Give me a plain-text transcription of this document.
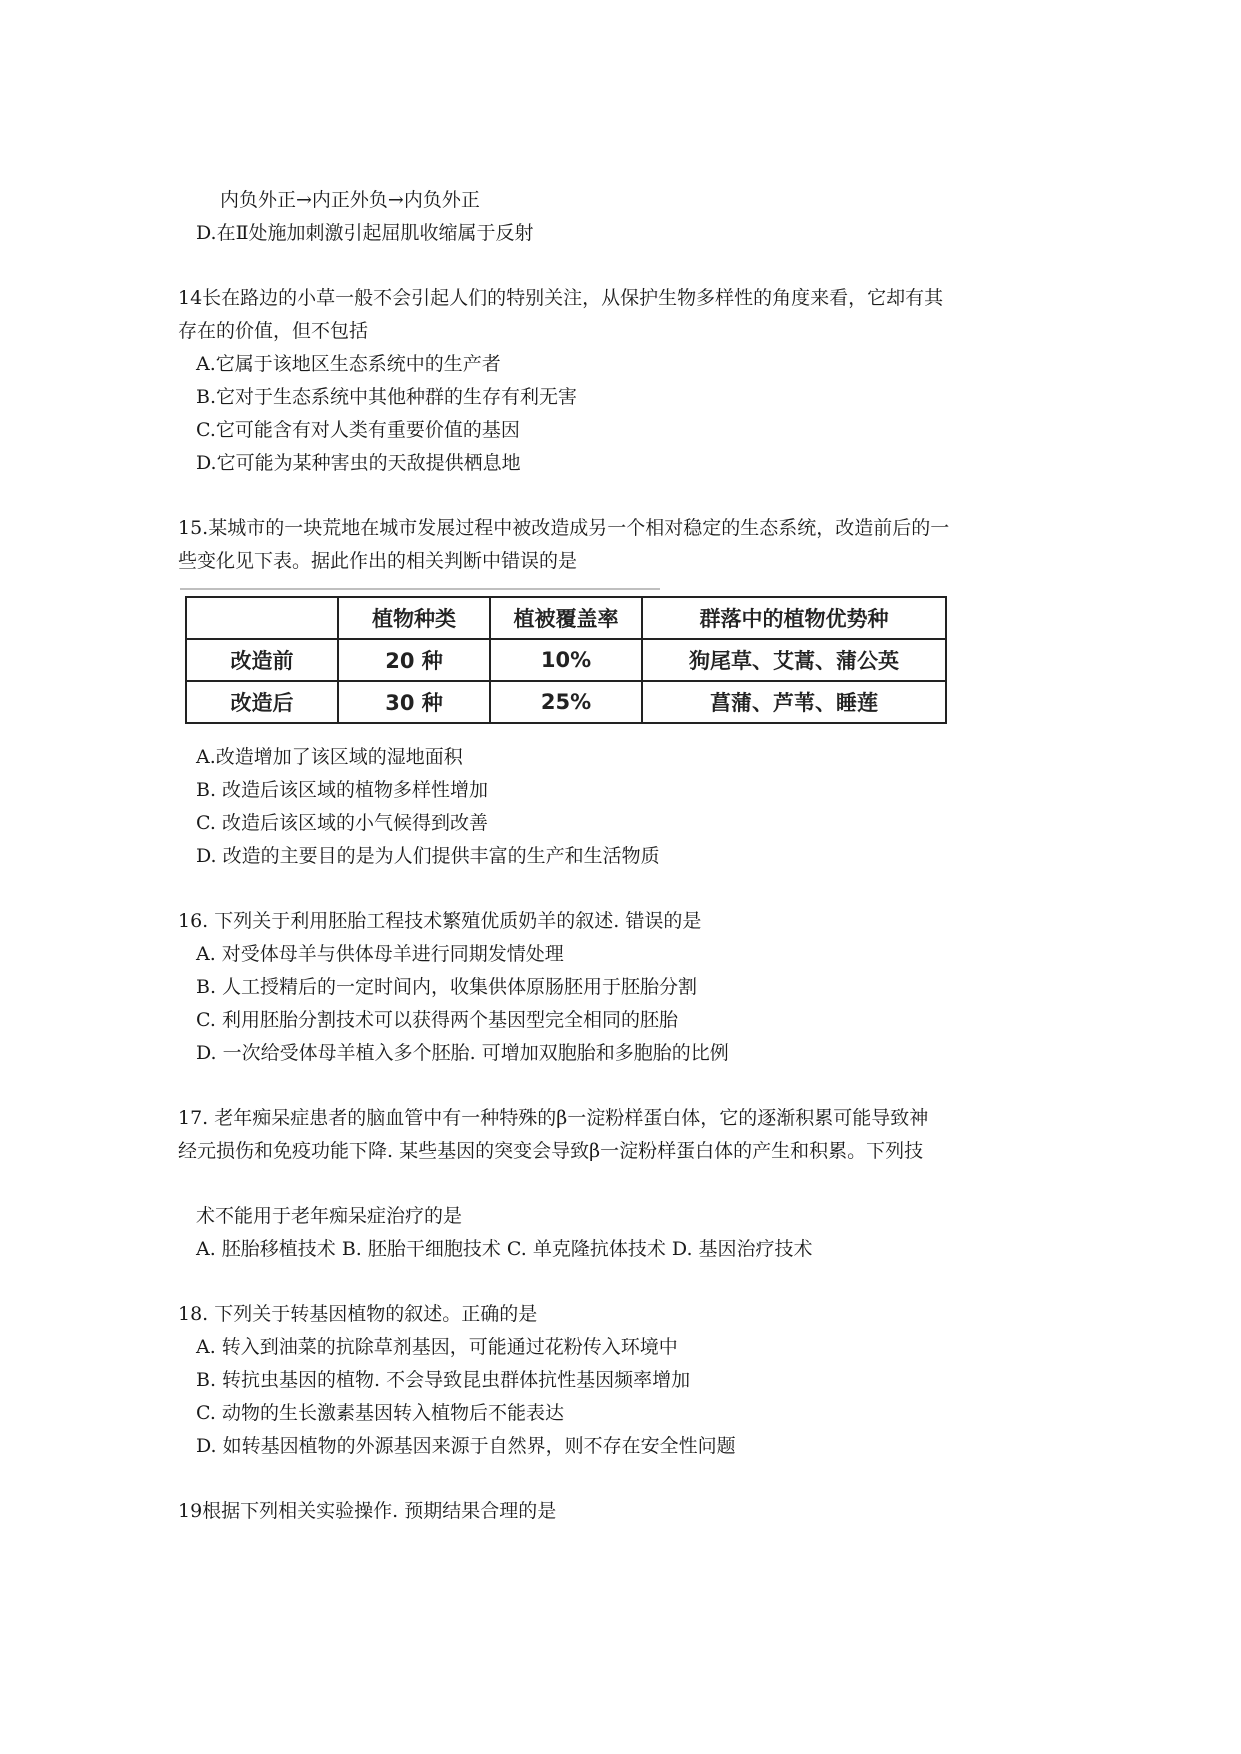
内负外正→内正外负→内负外正
D.在Ⅱ处施加刺激引起屈肌收缩属于反射
14长在路边的小草一般不会引起人们的特别关注，从保护生物多样性的角度来看，它却有其
存在的价值，但不包括
A.它属于该地区生态系统中的生产者
B.它对于生态系统中其他种群的生存有利无害
C.它可能含有对人类有重要价值的基因
D.它可能为某种害虫的天敌提供栖息地
15.某城市的一块荒地在城市发展过程中被改造成另一个相对稳定的生态系统，改造前后的一
些变化见下表。据此作出的相关判断中错误的是
	植物种类	植被覆盖率	群落中的植物优势种
改造前	20 种	10%	狗尾草、艾蒿、蒲公英
改造后	30 种	25%	菖蒲、芦苇、睡莲
A.改造增加了该区域的湿地面积
B. 改造后该区域的植物多样性增加
C. 改造后该区域的小气候得到改善
D. 改造的主要目的是为人们提供丰富的生产和生活物质
16. 下列关于利用胚胎工程技术繁殖优质奶羊的叙述. 错误的是
A. 对受体母羊与供体母羊进行同期发情处理
B. 人工授精后的一定时间内，收集供体原肠胚用于胚胎分割
C. 利用胚胎分割技术可以获得两个基因型完全相同的胚胎
D. 一次给受体母羊植入多个胚胎. 可增加双胞胎和多胞胎的比例
17. 老年痴呆症患者的脑血管中有一种特殊的β一淀粉样蛋白体，它的逐渐积累可能导致神
经元损伤和免疫功能下降. 某些基因的突变会导致β一淀粉样蛋白体的产生和积累。下列技
术不能用于老年痴呆症治疗的是
A. 胚胎移植技术 B. 胚胎干细胞技术 C. 单克隆抗体技术 D. 基因治疗技术
18. 下列关于转基因植物的叙述。正确的是
A. 转入到油菜的抗除草剂基因，可能通过花粉传入环境中
B. 转抗虫基因的植物. 不会导致昆虫群体抗性基因频率增加
C. 动物的生长激素基因转入植物后不能表达
D. 如转基因植物的外源基因来源于自然界，则不存在安全性问题
19根据下列相关实验操作. 预期结果合理的是
